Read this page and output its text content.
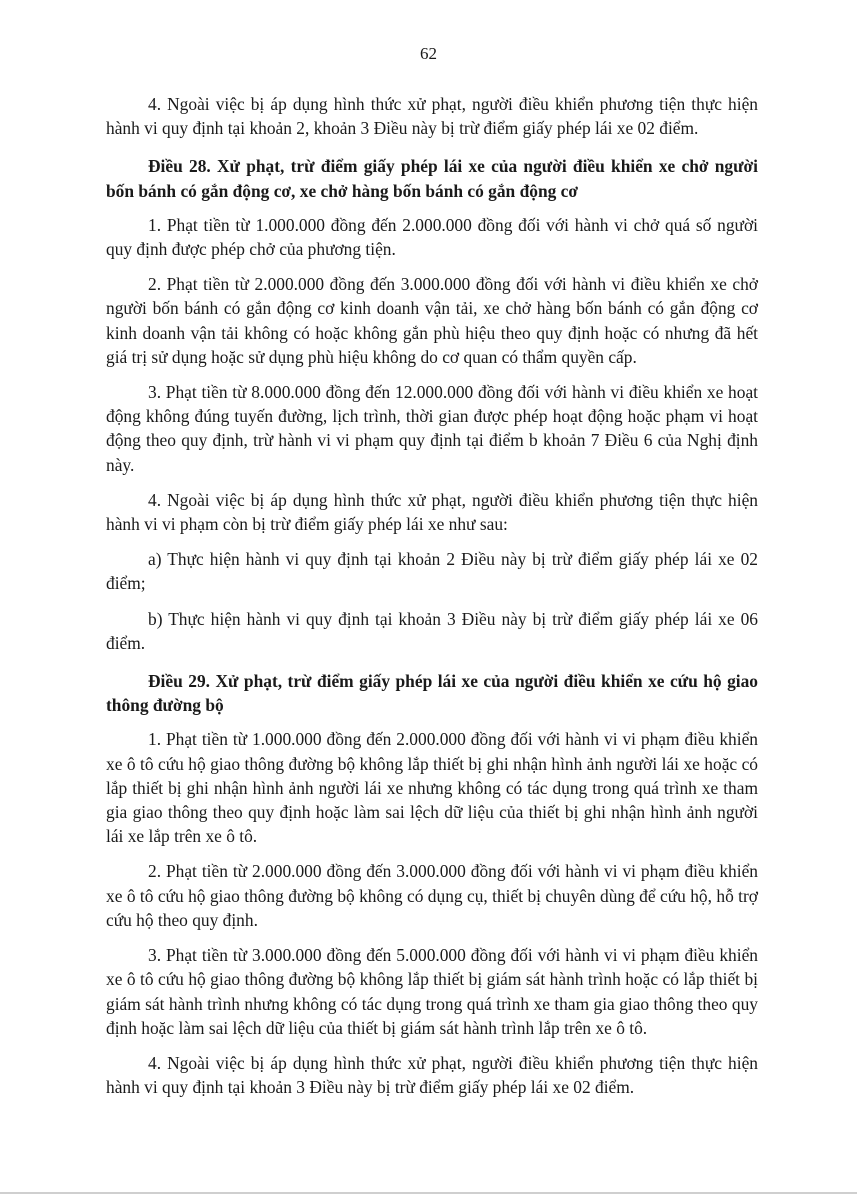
62

4. Ngoài việc bị áp dụng hình thức xử phạt, người điều khiển phương tiện thực hiện hành vi quy định tại khoản 2, khoản 3 Điều này bị trừ điểm giấy phép lái xe 02 điểm.

Điều 28. Xử phạt, trừ điểm giấy phép lái xe của người điều khiển xe chở người bốn bánh có gắn động cơ, xe chở hàng bốn bánh có gắn động cơ

1. Phạt tiền từ 1.000.000 đồng đến 2.000.000 đồng đối với hành vi chở quá số người quy định được phép chở của phương tiện.

2. Phạt tiền từ 2.000.000 đồng đến 3.000.000 đồng đối với hành vi điều khiển xe chở người bốn bánh có gắn động cơ kinh doanh vận tải, xe chở hàng bốn bánh có gắn động cơ kinh doanh vận tải không có hoặc không gắn phù hiệu theo quy định hoặc có nhưng đã hết giá trị sử dụng hoặc sử dụng phù hiệu không do cơ quan có thẩm quyền cấp.

3. Phạt tiền từ 8.000.000 đồng đến 12.000.000 đồng đối với hành vi điều khiển xe hoạt động không đúng tuyến đường, lịch trình, thời gian được phép hoạt động hoặc phạm vi hoạt động theo quy định, trừ hành vi vi phạm quy định tại điểm b khoản 7 Điều 6 của Nghị định này.

4. Ngoài việc bị áp dụng hình thức xử phạt, người điều khiển phương tiện thực hiện hành vi vi phạm còn bị trừ điểm giấy phép lái xe như sau:

a) Thực hiện hành vi quy định tại khoản 2 Điều này bị trừ điểm giấy phép lái xe 02 điểm;

b) Thực hiện hành vi quy định tại khoản 3 Điều này bị trừ điểm giấy phép lái xe 06 điểm.

Điều 29. Xử phạt, trừ điểm giấy phép lái xe của người điều khiển xe cứu hộ giao thông đường bộ

1. Phạt tiền từ 1.000.000 đồng đến 2.000.000 đồng đối với hành vi vi phạm điều khiển xe ô tô cứu hộ giao thông đường bộ không lắp thiết bị ghi nhận hình ảnh người lái xe hoặc có lắp thiết bị ghi nhận hình ảnh người lái xe nhưng không có tác dụng trong quá trình xe tham gia giao thông theo quy định hoặc làm sai lệch dữ liệu của thiết bị ghi nhận hình ảnh người lái xe lắp trên xe ô tô.

2. Phạt tiền từ 2.000.000 đồng đến 3.000.000 đồng đối với hành vi vi phạm điều khiển xe ô tô cứu hộ giao thông đường bộ không có dụng cụ, thiết bị chuyên dùng để cứu hộ, hỗ trợ cứu hộ theo quy định.

3. Phạt tiền từ 3.000.000 đồng đến 5.000.000 đồng đối với hành vi vi phạm điều khiển xe ô tô cứu hộ giao thông đường bộ không lắp thiết bị giám sát hành trình hoặc có lắp thiết bị giám sát hành trình nhưng không có tác dụng trong quá trình xe tham gia giao thông theo quy định hoặc làm sai lệch dữ liệu của thiết bị giám sát hành trình lắp trên xe ô tô.

4. Ngoài việc bị áp dụng hình thức xử phạt, người điều khiển phương tiện thực hiện hành vi quy định tại khoản 3 Điều này bị trừ điểm giấy phép lái xe 02 điểm.
